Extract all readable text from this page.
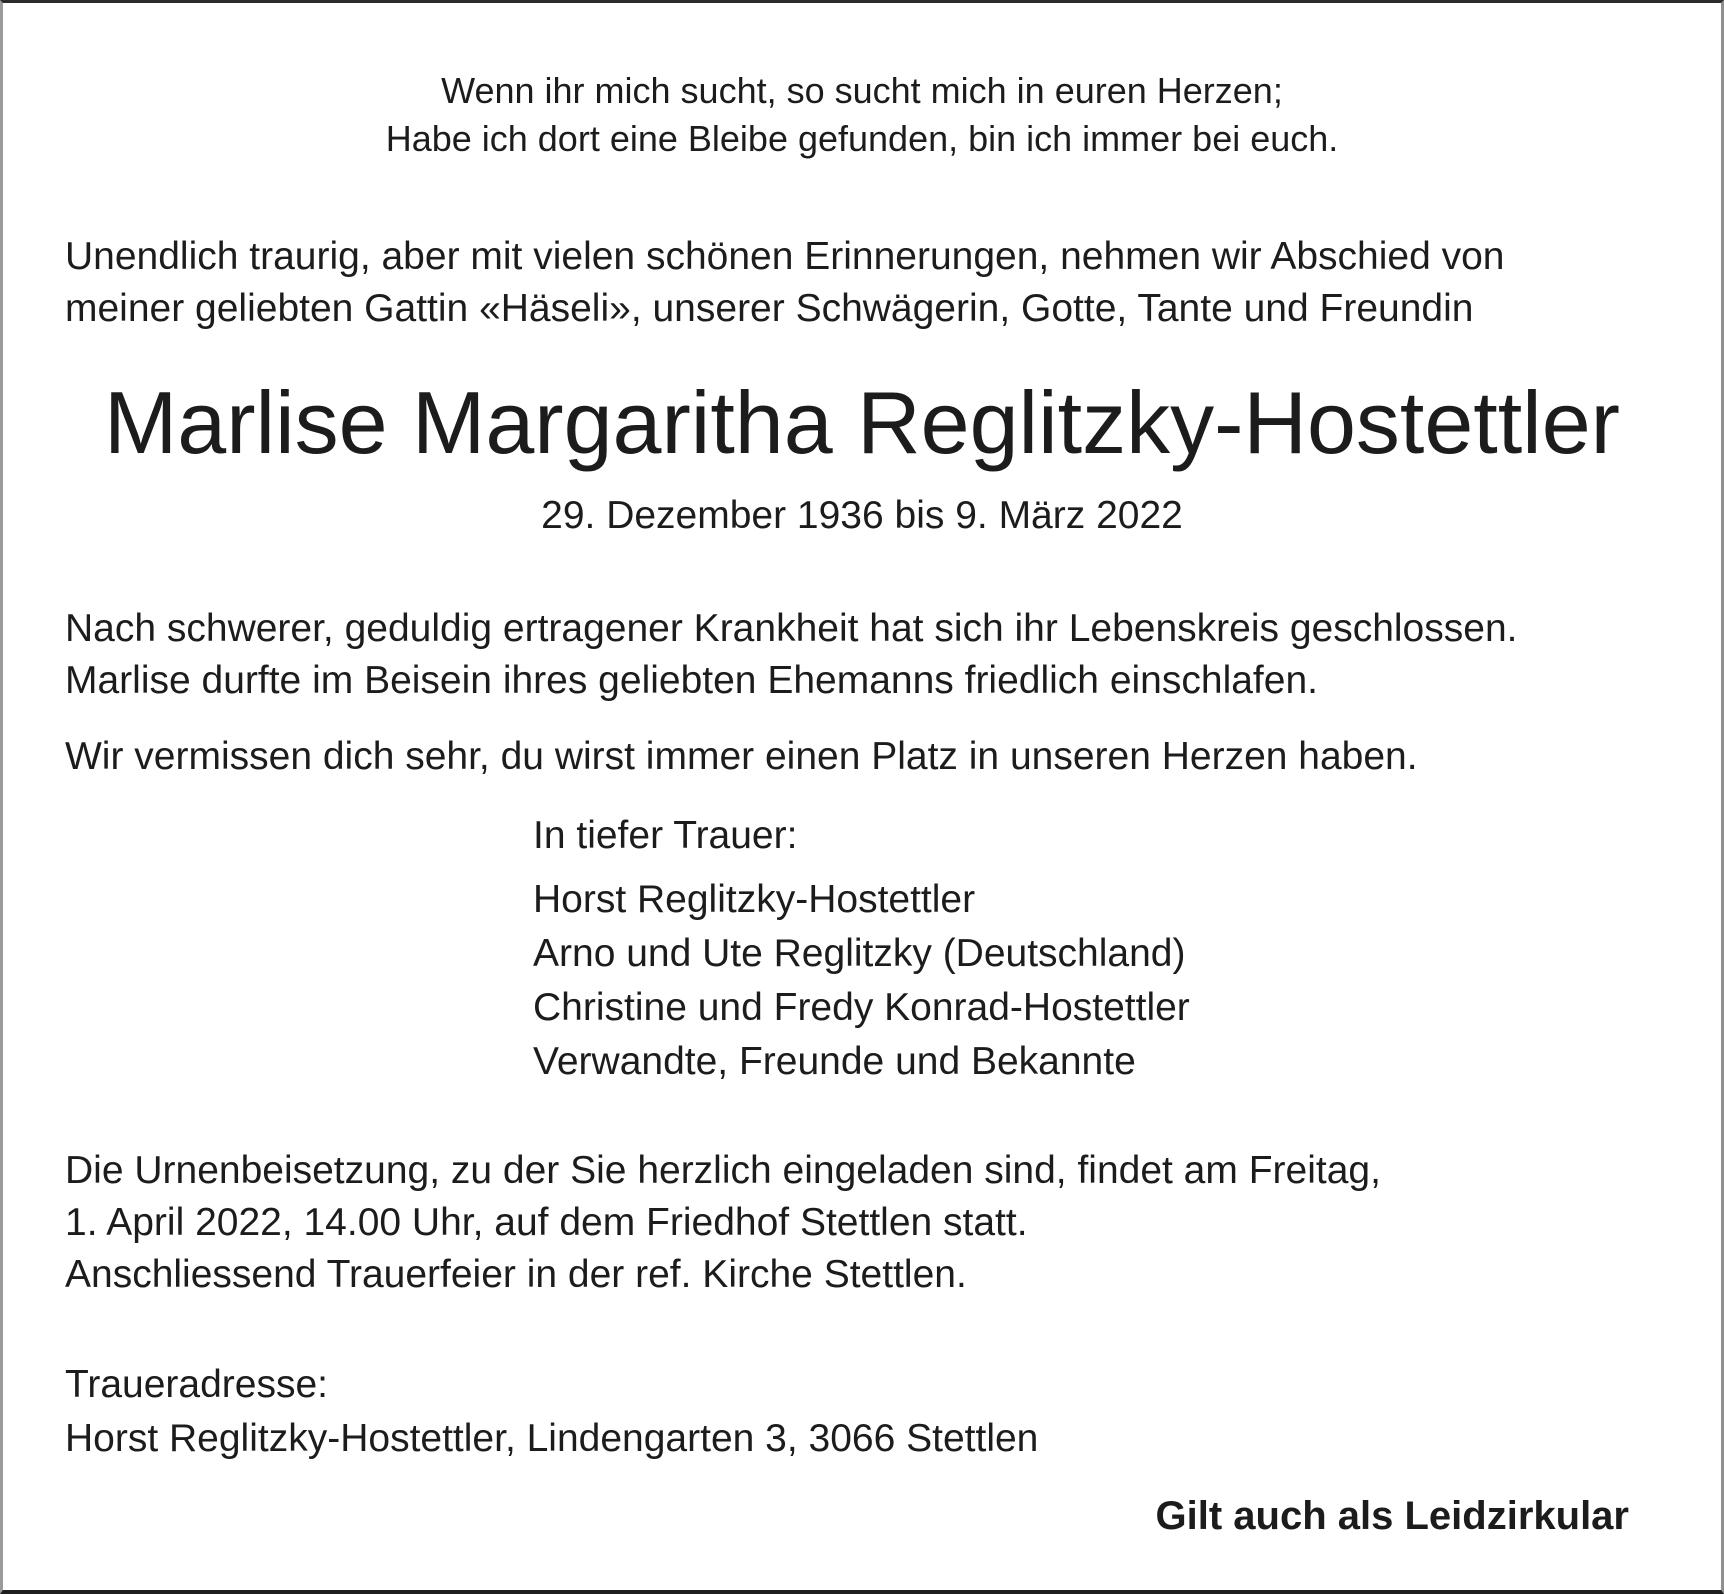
Wenn ihr mich sucht, so sucht mich in euren Herzen;
Habe ich dort eine Bleibe gefunden, bin ich immer bei euch.
Unendlich traurig, aber mit vielen schönen Erinnerungen, nehmen wir Abschied von
meiner geliebten Gattin «Häseli», unserer Schwägerin, Gotte, Tante und Freundin
Marlise Margaritha Reglitzky-Hostettler
29. Dezember 1936 bis 9. März 2022
Nach schwerer, geduldig ertragener Krankheit hat sich ihr Lebenskreis geschlossen.
Marlise durfte im Beisein ihres geliebten Ehemanns friedlich einschlafen.
Wir vermissen dich sehr, du wirst immer einen Platz in unseren Herzen haben.
In tiefer Trauer:
Horst Reglitzky-Hostettler
Arno und Ute Reglitzky (Deutschland)
Christine und Fredy Konrad-Hostettler
Verwandte, Freunde und Bekannte
Die Urnenbeisetzung, zu der Sie herzlich eingeladen sind, findet am Freitag,
1. April 2022, 14.00 Uhr, auf dem Friedhof Stettlen statt.
Anschliessend Trauerfeier in der ref. Kirche Stettlen.
Traueradresse:
Horst Reglitzky-Hostettler, Lindengarten 3, 3066 Stettlen
Gilt auch als Leidzirkular
